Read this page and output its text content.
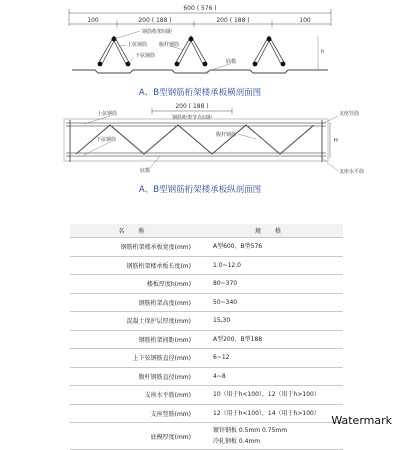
600 ( 576 )
100	200 ( 188 )	200 ( 188 )	100
钢筋桁架间距
上弦钢筋 腹杆钢筋
下弦钢筋
底模
h
A、B型钢筋桁架楼承板横剖面图
200 ( 188 )
钢筋桁架节点间距
上弦钢筋
下弦钢筋
腹杆钢筋
支座竖筋
底模	支座水平筋
H
A、B型钢筋桁架楼承板纵剖面图
名 称	规 格
钢筋桁架楼承板宽度(mm)	A型600、B型576

钢筋桁架楼承板长度(m)	1.0~12.0

楼板厚度h(mm)	80~370

钢筋桁架高度(mm)	50~340

混凝土保护层厚度(mm)	15,30

钢筋桁架间距(mm)	A型200、B型188

上下弦钢筋直径(mm)	6~12

腹杆钢筋直径(mm)	4~8

支座水平筋(mm)	10（用于h<100），12（用于h>100）

支座竖筋(mm)	12（用于h<100），14（用于h>100）

底模厚度(mm)	镀锌钢板 0.5mm 0.75mm
冷轧钢板 0.4mm
Watermark
